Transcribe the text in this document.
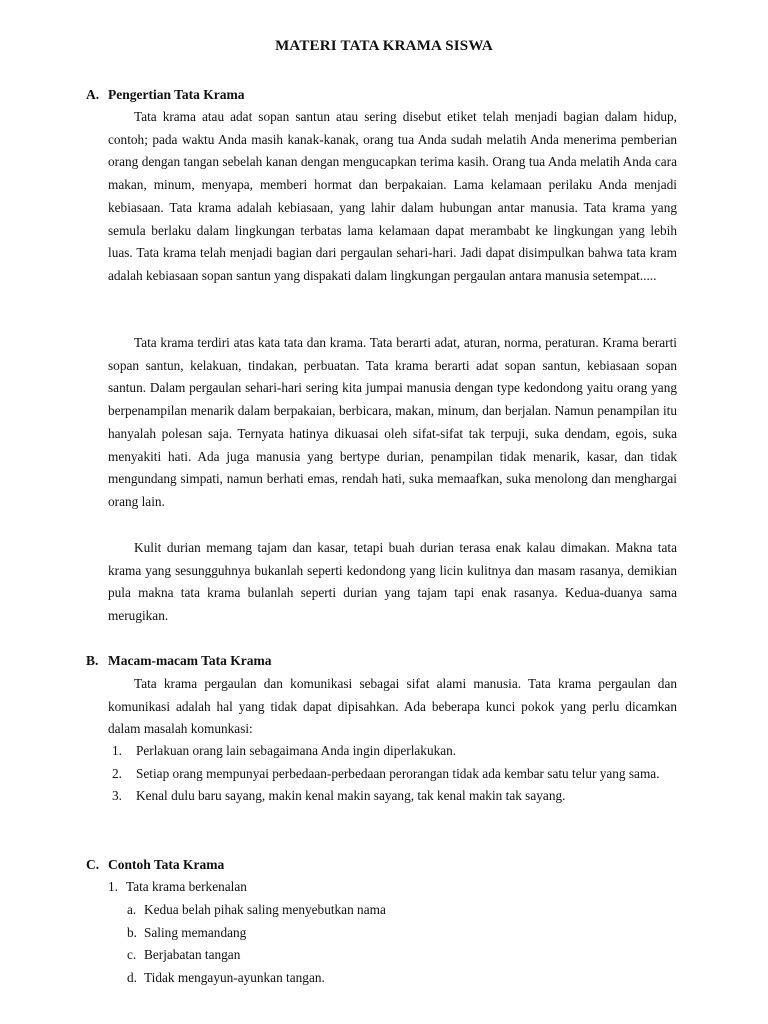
MATERI TATA KRAMA SISWA
A. Pengertian Tata Krama

Tata krama atau adat sopan santun atau sering disebut etiket telah menjadi bagian dalam hidup, contoh; pada waktu Anda masih kanak-kanak, orang tua Anda sudah melatih Anda menerima pemberian orang dengan tangan sebelah kanan dengan mengucapkan terima kasih. Orang tua Anda melatih Anda cara makan, minum, menyapa, memberi hormat dan berpakaian. Lama kelamaan perilaku Anda menjadi kebiasaan. Tata krama adalah kebiasaan, yang lahir dalam hubungan antar manusia. Tata krama yang semula berlaku dalam lingkungan terbatas lama kelamaan dapat merambabt ke lingkungan yang lebih luas. Tata krama telah menjadi bagian dari pergaulan sehari-hari. Jadi dapat disimpulkan bahwa tata kram adalah kebiasaan sopan santun yang dispakati dalam lingkungan pergaulan antara manusia setempat.....

Tata krama terdiri atas kata tata dan krama. Tata berarti adat, aturan, norma, peraturan. Krama berarti sopan santun, kelakuan, tindakan, perbuatan. Tata krama berarti adat sopan santun, kebiasaan sopan santun. Dalam pergaulan sehari-hari sering kita jumpai manusia dengan type kedondong yaitu orang yang berpenampilan menarik dalam berpakaian, berbicara, makan, minum, dan berjalan. Namun penampilan itu hanyalah polesan saja. Ternyata hatinya dikuasai oleh sifat-sifat tak terpuji, suka dendam, egois, suka menyakiti hati. Ada juga manusia yang bertype durian, penampilan tidak menarik, kasar, dan tidak mengundang simpati, namun berhati emas, rendah hati, suka memaafkan, suka menolong dan menghargai orang lain.

Kulit durian memang tajam dan kasar, tetapi buah durian terasa enak kalau dimakan. Makna tata krama yang sesungguhnya bukanlah seperti kedondong yang licin kulitnya dan masam rasanya, demikian pula makna tata krama bulanlah seperti durian yang tajam tapi enak rasanya. Kedua-duanya sama merugikan.

B. Macam-macam Tata Krama

Tata krama pergaulan dan komunikasi sebagai sifat alami manusia. Tata krama pergaulan dan komunikasi adalah hal yang tidak dapat dipisahkan. Ada beberapa kunci pokok yang perlu dicamkan dalam masalah komunkasi:

1. Perlakuan orang lain sebagaimana Anda ingin diperlakukan.
2. Setiap orang mempunyai perbedaan-perbedaan perorangan tidak ada kembar satu telur yang sama.
3. Kenal dulu baru sayang, makin kenal makin sayang, tak kenal makin tak sayang.
C. Contoh Tata Krama
1. Tata krama berkenalan
a. Kedua belah pihak saling menyebutkan nama
b. Saling memandang
c. Berjabatan tangan
d. Tidak mengayun-ayunkan tangan.
